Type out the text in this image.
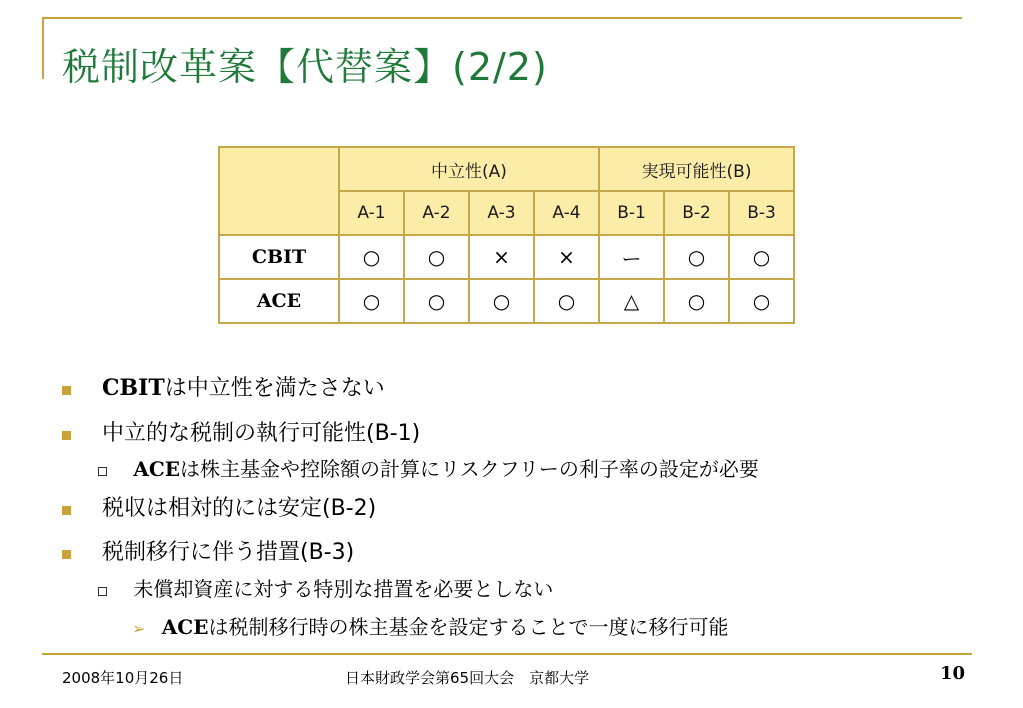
税制改革案【代替案】(2/2)
	中立性(A)				実現可能性(B)		
	A-1	A-2	A-3	A-4	B-1	B-2	B-3
CBIT	○	○	×	×	ー	○	○
ACE	○	○	○	○	△	○	○
CBITは中立性を満たさない
中立的な税制の執行可能性(B-1)
ACEは株主基金や控除額の計算にリスクフリーの利子率の設定が必要
税収は相対的には安定(B-2)
税制移行に伴う措置(B-3)
未償却資産に対する特別な措置を必要としない
➢ ACEは税制移行時の株主基金を設定することで一度に移行可能
2008年10月26日	日本財政学会第65回大会　京都大学	10
